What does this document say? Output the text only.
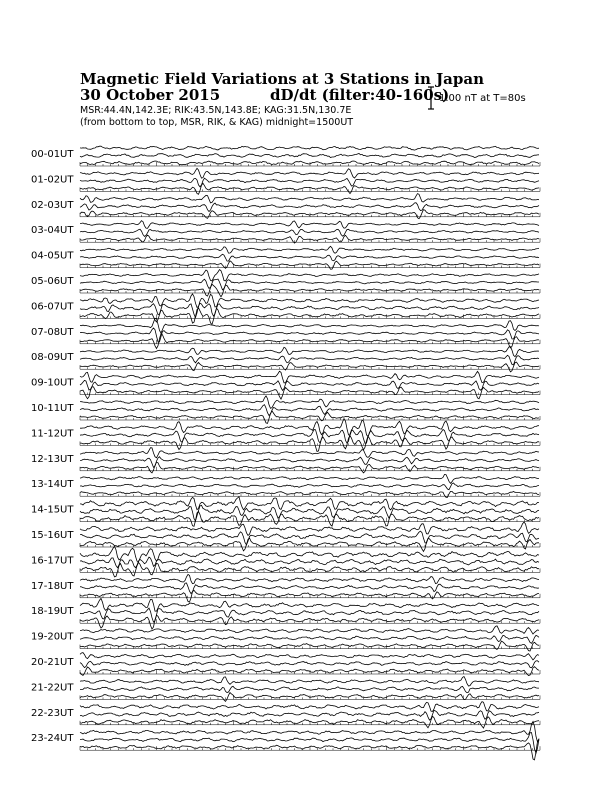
Magnetic Field Variations at 3 Stations in Japan
30 October 2015	dD/dt (filter:40-160s)
MSR:44.4N,142.3E; RIK:43.5N,143.8E; KAG:31.5N,130.7E
(from bottom to top, MSR, RIK, & KAG) midnight=1500UT
1.00 nT at T=80s
00-01UT
01-02UT
02-03UT
03-04UT
04-05UT
05-06UT
06-07UT
07-08UT
08-09UT
09-10UT
10-11UT
11-12UT
12-13UT
13-14UT
14-15UT
15-16UT
16-17UT
17-18UT
18-19UT
19-20UT
20-21UT
21-22UT
22-23UT
23-24UT
